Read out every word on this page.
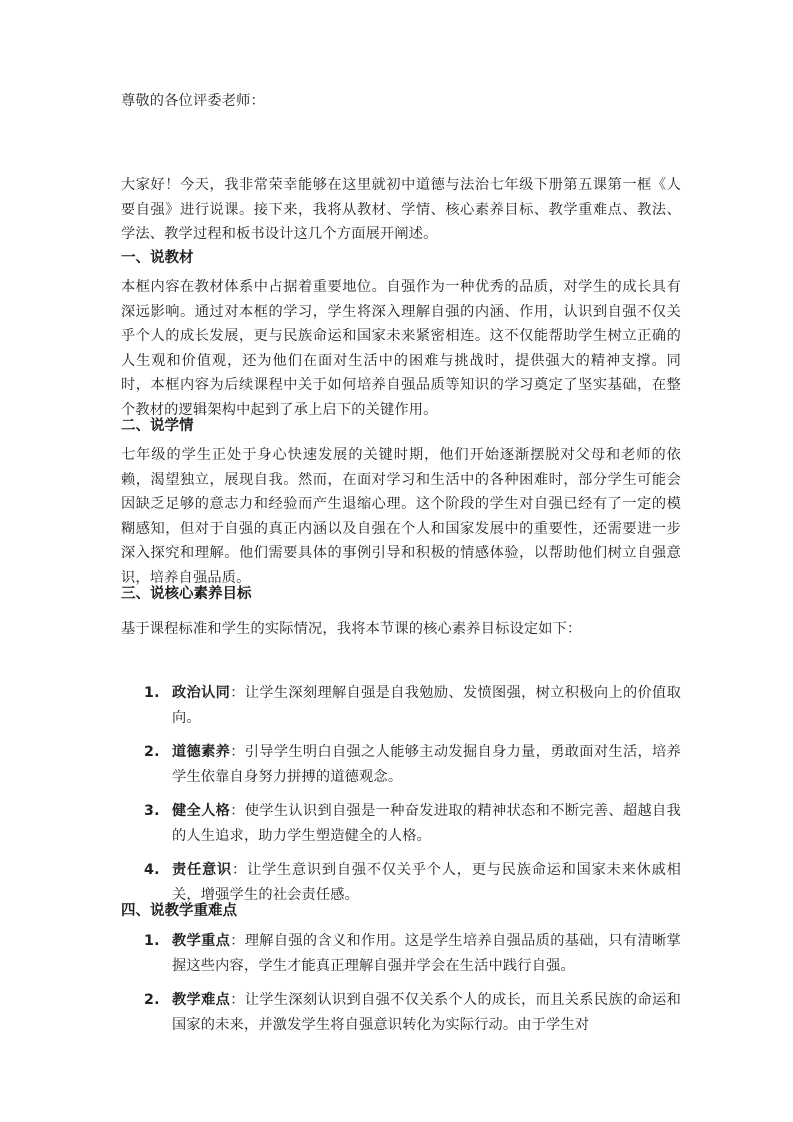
尊敬的各位评委老师：

大家好！今天，我非常荣幸能够在这里就初中道德与法治七年级下册第五课第一框《人要自强》进行说课。接下来，我将从教材、学情、核心素养目标、教学重难点、教法、学法、教学过程和板书设计这几个方面展开阐述。

一、说教材

本框内容在教材体系中占据着重要地位。自强作为一种优秀的品质，对学生的成长具有深远影响。通过对本框的学习，学生将深入理解自强的内涵、作用，认识到自强不仅关乎个人的成长发展，更与民族命运和国家未来紧密相连。这不仅能帮助学生树立正确的人生观和价值观，还为他们在面对生活中的困难与挑战时，提供强大的精神支撑。同时，本框内容为后续课程中关于如何培养自强品质等知识的学习奠定了坚实基础，在整个教材的逻辑架构中起到了承上启下的关键作用。

二、说学情

七年级的学生正处于身心快速发展的关键时期，他们开始逐渐摆脱对父母和老师的依赖，渴望独立，展现自我。然而，在面对学习和生活中的各种困难时，部分学生可能会因缺乏足够的意志力和经验而产生退缩心理。这个阶段的学生对自强已经有了一定的模糊感知，但对于自强的真正内涵以及自强在个人和国家发展中的重要性，还需要进一步深入探究和理解。他们需要具体的事例引导和积极的情感体验，以帮助他们树立自强意识，培养自强品质。

三、说核心素养目标

基于课程标准和学生的实际情况，我将本节课的核心素养目标设定如下：

1. 政治认同：让学生深刻理解自强是自我勉励、发愤图强，树立积极向上的价值取向。
2. 道德素养：引导学生明白自强之人能够主动发掘自身力量，勇敢面对生活，培养学生依靠自身努力拼搏的道德观念。
3. 健全人格：使学生认识到自强是一种奋发进取的精神状态和不断完善、超越自我的人生追求，助力学生塑造健全的人格。
4. 责任意识：让学生意识到自强不仅关乎个人，更与民族命运和国家未来休戚相关，增强学生的社会责任感。
四、说教学重难点
1. 教学重点：理解自强的含义和作用。这是学生培养自强品质的基础，只有清晰掌握这些内容，学生才能真正理解自强并学会在生活中践行自强。
2. 教学难点：让学生深刻认识到自强不仅关系个人的成长，而且关系民族的命运和国家的未来，并激发学生将自强意识转化为实际行动。由于学生对
